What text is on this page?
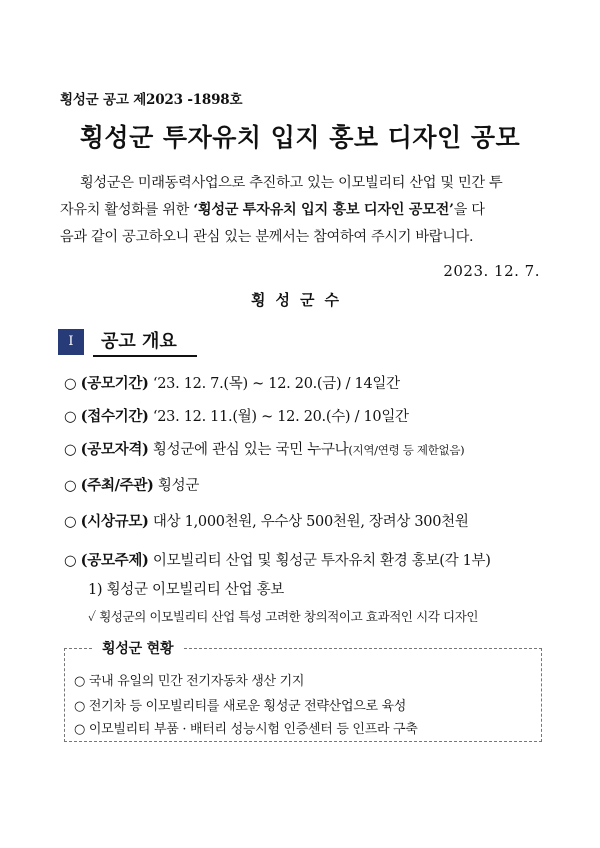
횡성군 공고 제2023 -1898호
횡성군 투자유치 입지 홍보 디자인 공모
횡성군은 미래동력사업으로 추진하고 있는 이모빌리티 산업 및 민간 투
자유치 활성화를 위한 ‘횡성군 투자유치 입지 홍보 디자인 공모전’을 다
음과 같이 공고하오니 관심 있는 분께서는 참여하여 주시기 바랍니다.
2023. 12. 7.
횡성군수
Ⅰ	공고 개요
○ (공모기간) ‘23. 12. 7.(목) ~ 12. 20.(금) / 14일간
○ (접수기간) ‘23. 12. 11.(월) ~ 12. 20.(수) / 10일간
○ (공모자격) 횡성군에 관심 있는 국민 누구나(지역/연령 등 제한없음)
○ (주최/주관) 횡성군
○ (시상규모) 대상 1,000천원, 우수상 500천원, 장려상 300천원
○ (공모주제) 이모빌리티 산업 및 횡성군 투자유치 환경 홍보(각 1부)
1) 횡성군 이모빌리티 산업 홍보
✓ 횡성군의 이모빌리티 산업 특성 고려한 창의적이고 효과적인 시각 디자인
횡성군 현황
○ 국내 유일의 민간 전기자동차 생산 기지
○ 전기차 등 이모빌리티를 새로운 횡성군 전략산업으로 육성
○ 이모빌리티 부품 · 배터리 성능시험 인증센터 등 인프라 구축
